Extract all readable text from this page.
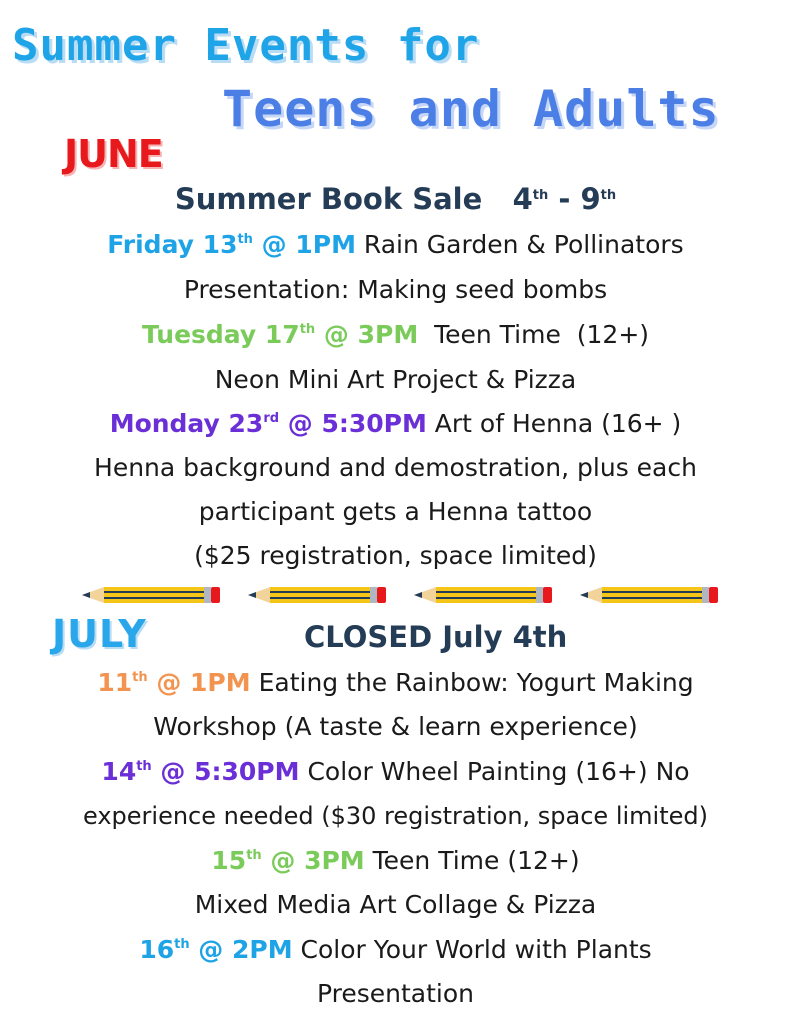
Summer Events for
Teens and Adults
JUNE
Summer Book Sale 4th - 9th
Friday 13th @ 1PM Rain Garden & Pollinators
Presentation: Making seed bombs
Tuesday 17th @ 3PM  Teen Time  (12+)
Neon Mini Art Project & Pizza
Monday 23rd @ 5:30PM Art of Henna (16+ )
Henna background and demostration, plus each
participant gets a Henna tattoo
($25 registration, space limited)
JULY	CLOSED July 4th
11th @ 1PM Eating the Rainbow: Yogurt Making
Workshop (A taste & learn experience)
14th @ 5:30PM Color Wheel Painting (16+) No
experience needed ($30 registration, space limited)
15th @ 3PM Teen Time (12+)
Mixed Media Art Collage & Pizza
16th @ 2PM Color Your World with Plants
Presentation
